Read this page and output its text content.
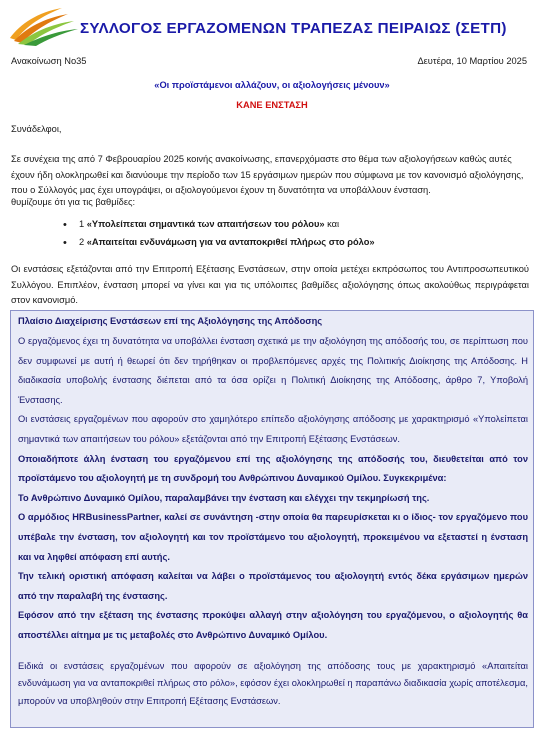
ΣΥΛΛΟΓΟΣ ΕΡΓΑΖΟΜΕΝΩΝ ΤΡΑΠΕΖΑΣ ΠΕΙΡΑΙΩΣ (ΣΕΤΠ)
Ανακοίνωση Νο35	Δευτέρα, 10 Μαρτίου 2025
«Οι προϊστάμενοι αλλάζουν, οι αξιολογήσεις μένουν»
ΚΑΝΕ ΕΝΣΤΑΣΗ
Συνάδελφοι,
Σε συνέχεια της από 7 Φεβρουαρίου 2025 κοινής ανακοίνωσης, επανερχόμαστε στο θέμα των αξιολογήσεων καθώς αυτές έχουν ήδη ολοκληρωθεί και διανύουμε την περίοδο των 15 εργάσιμων ημερών που σύμφωνα με τον κανονισμό αξιολόγησης, που ο Σύλλογός μας έχει υπογράψει, οι αξιολογούμενοι έχουν τη δυνατότητα να υποβάλλουν ένσταση.
θυμίζουμε ότι για τις βαθμίδες:
• 1 «Υπολείπεται σημαντικά των απαιτήσεων του ρόλου» και
• 2 «Απαιτείται ενδυνάμωση για να ανταποκριθεί πλήρως στο ρόλο»
Οι ενστάσεις εξετάζονται από την Επιτροπή Εξέτασης Ενστάσεων, στην οποία μετέχει εκπρόσωπος του Αντιπροσωπευτικού Συλλόγου. Επιπλέον, ένσταση μπορεί να γίνει και για τις υπόλοιπες βαθμίδες αξιολόγησης όπως ακολούθως περιγράφεται στον κανονισμό.
Πλαίσιο Διαχείρισης Ενστάσεων επί της Αξιολόγησης της Απόδοσης

Ο εργαζόμενος έχει τη δυνατότητα να υποβάλλει ένσταση σχετικά με την αξιολόγηση της απόδοσής του, σε περίπτωση που δεν συμφωνεί με αυτή ή θεωρεί ότι δεν τηρήθηκαν οι προβλεπόμενες αρχές της Πολιτικής Διοίκησης της Απόδοσης. Η διαδικασία υποβολής ένστασης διέπεται από τα όσα ορίζει η Πολιτική Διοίκησης της Απόδοσης, άρθρο 7, Υποβολή Ένστασης.

Οι ενστάσεις εργαζομένων που αφορούν στο χαμηλότερο επίπεδο αξιολόγησης απόδοσης με χαρακτηρισμό «Υπολείπεται σημαντικά των απαιτήσεων του ρόλου» εξετάζονται από την Επιτροπή Εξέτασης Ενστάσεων.

Οποιαδήποτε άλλη ένσταση του εργαζόμενου επί της αξιολόγησης της απόδοσής του, διευθετείται από τον προϊστάμενο του αξιολογητή με τη συνδρομή του Ανθρώπινου Δυναμικού Ομίλου. Συγκεκριμένα:

Το Ανθρώπινο Δυναμικό Ομίλου, παραλαμβάνει την ένσταση και ελέγχει την τεκμηρίωσή της.

Ο αρμόδιος HRBusinessPartner, καλεί σε συνάντηση -στην οποία θα παρευρίσκεται κι ο ίδιος- τον εργαζόμενο που υπέβαλε την ένσταση, τον αξιολογητή και τον προϊστάμενο του αξιολογητή, προκειμένου να εξεταστεί η ένσταση και να ληφθεί απόφαση επί αυτής.

Την τελική οριστική απόφαση καλείται να λάβει ο προϊστάμενος του αξιολογητή εντός δέκα εργάσιμων ημερών από την παραλαβή της ένστασης.

Εφόσον από την εξέταση της ένστασης προκύψει αλλαγή στην αξιολόγηση του εργαζόμενου, ο αξιολογητής θα αποστέλλει αίτημα με τις μεταβολές στο Ανθρώπινο Δυναμικό Ομίλου.

Ειδικά οι ενστάσεις εργαζομένων που αφορούν σε αξιολόγηση της απόδοσης τους με χαρακτηρισμό «Απαιτείται ενδυνάμωση για να ανταποκριθεί πλήρως στο ρόλο», εφόσον έχει ολοκληρωθεί η παραπάνω διαδικασία χωρίς αποτέλεσμα, μπορούν να υποβληθούν στην Επιτροπή Εξέτασης Ενστάσεων.
